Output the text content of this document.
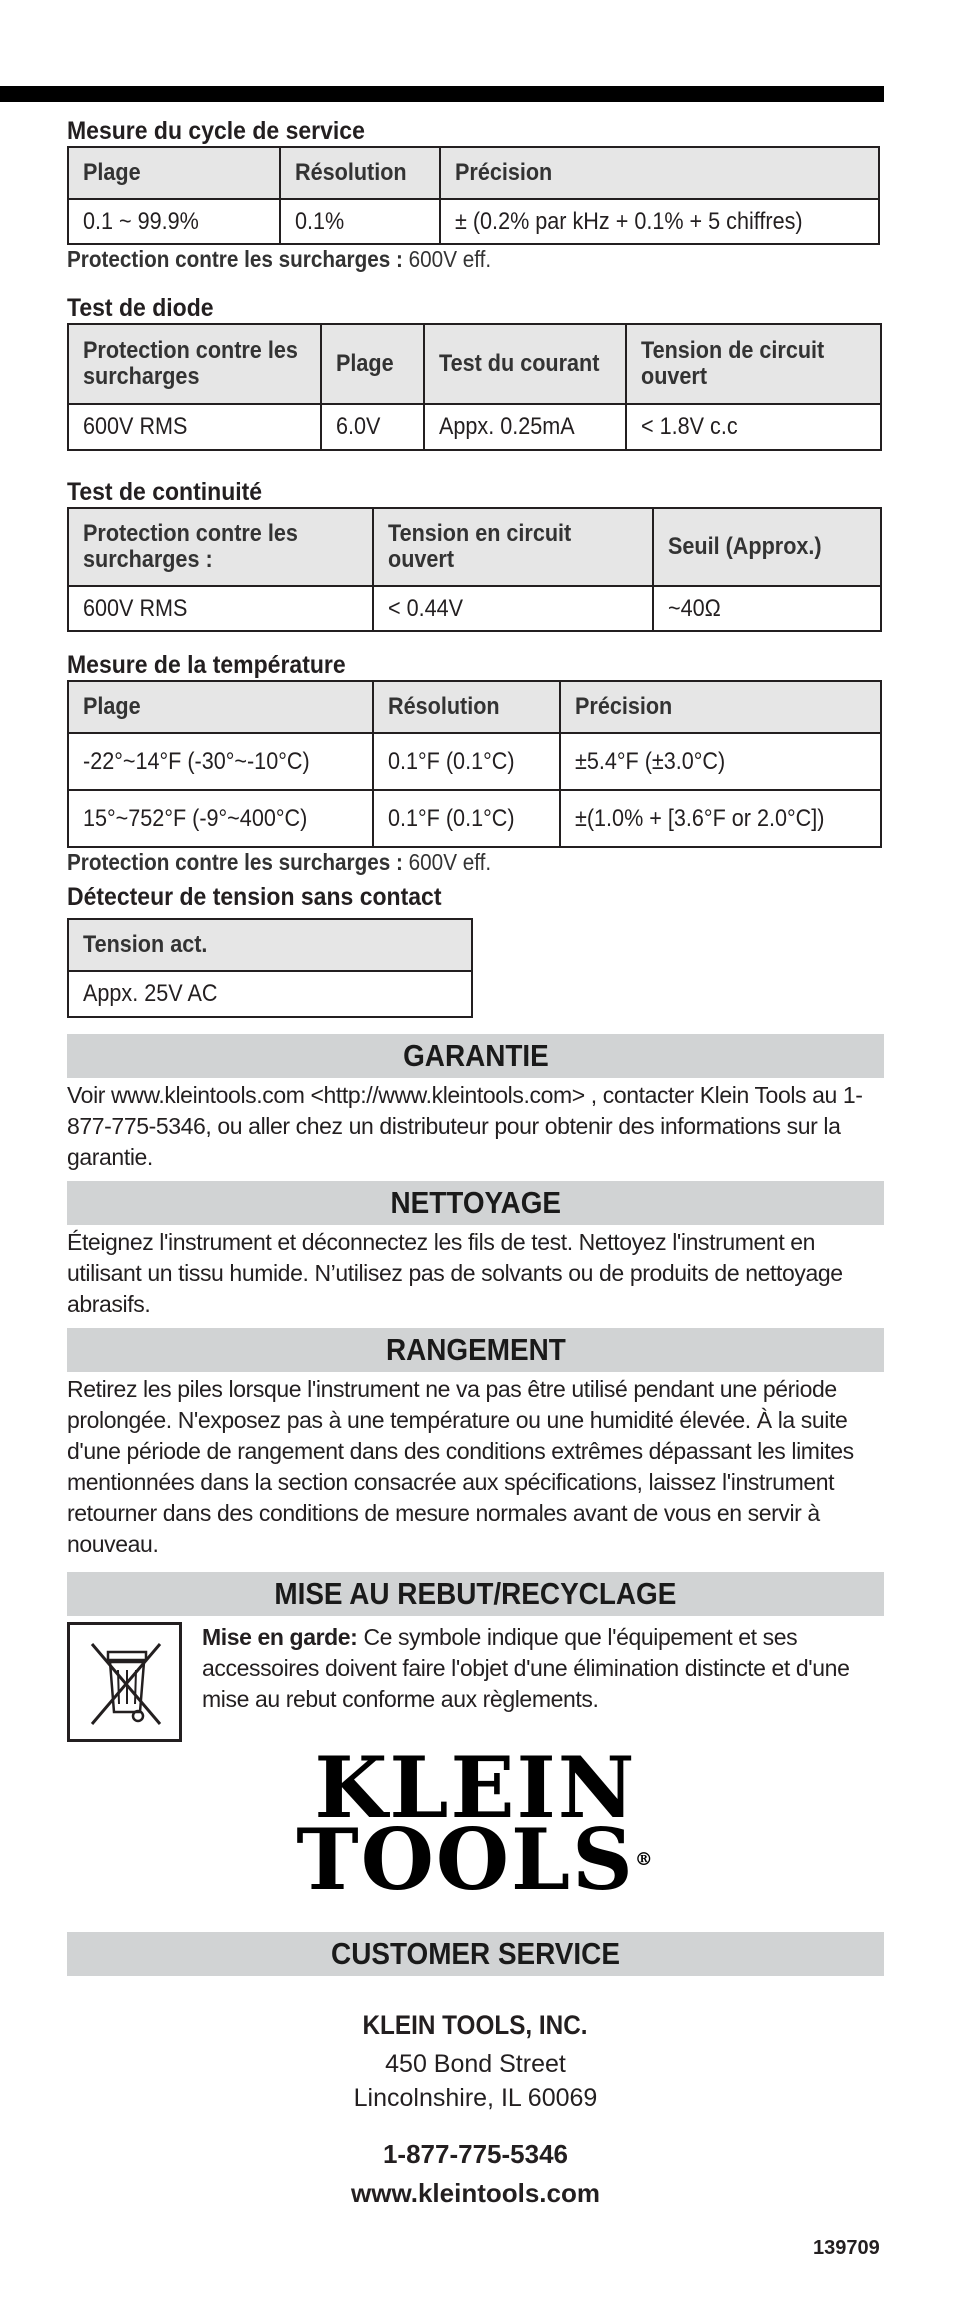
Mesure du cycle de service
Plage	Résolution	Précision
0.1 ~ 99.9%	0.1%	± (0.2% par kHz + 0.1% + 5 chiffres)
Protection contre les surcharges : 600V eff.
Test de diode
Protection contre les surcharges	Plage	Test du courant	Tension de circuit ouvert
600V RMS	6.0V	Appx. 0.25mA	< 1.8V c.c
Test de continuité
Protection contre les surcharges :	Tension en circuit ouvert	Seuil (Approx.)
600V RMS	< 0.44V	~40Ω
Mesure de la température
Plage	Résolution	Précision
-22°~14°F (-30°~-10°C)	0.1°F (0.1°C)	±5.4°F (±3.0°C)
15°~752°F (-9°~400°C)	0.1°F (0.1°C)	±(1.0% + [3.6°F or 2.0°C])
Protection contre les surcharges : 600V eff.
Détecteur de tension sans contact
Tension act.
Appx. 25V AC
GARANTIE
Voir www.kleintools.com <http://www.kleintools.com> , contacter Klein Tools au 1-877-775-5346, ou aller chez un distributeur pour obtenir des informations sur la garantie.
NETTOYAGE
Éteignez l'instrument et déconnectez les fils de test. Nettoyez l'instrument en utilisant un tissu humide. N’utilisez pas de solvants ou de produits de nettoyage abrasifs.
RANGEMENT
Retirez les piles lorsque l'instrument ne va pas être utilisé pendant une période prolongée. N'exposez pas à une température ou une humidité élevée. À la suite d'une période de rangement dans des conditions extrêmes dépassant les limites mentionnées dans la section consacrée aux spécifications, laissez l'instrument retourner dans des conditions de mesure normales avant de vous en servir à nouveau.
MISE AU REBUT/RECYCLAGE
Mise en garde: Ce symbole indique que l'équipement et ses accessoires doivent faire l'objet d'une élimination distincte et d'une mise au rebut conforme aux règlements.
KLEIN
TOOLS®
CUSTOMER SERVICE
KLEIN TOOLS, INC.
450 Bond Street
Lincolnshire, IL 60069
1-877-775-5346
www.kleintools.com
139709
